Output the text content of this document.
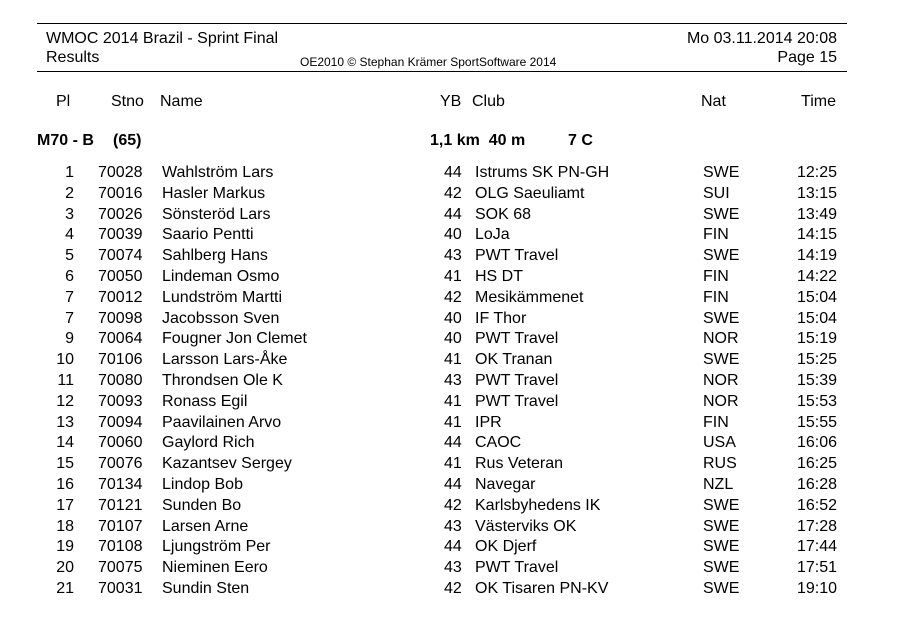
WMOC 2014 Brazil - Sprint Final	Mo 03.11.2014 20:08
Results	OE2010 © Stephan Krämer SportSoftware 2014	Page 15
Pl	Stno Name	YB Club	Nat	Time
M70 - B (65)	1,1 km  40 m	7 C
1 70028 Wahlström Lars	44 Istrums SK PN-GH	SWE	12:25
2 70016 Hasler Markus	42 OLG Saeuliamt	SUI	13:15
3 70026 Sönsteröd Lars	44 SOK 68	SWE	13:49
4 70039 Saario Pentti	40 LoJa	FIN	14:15
5 70074 Sahlberg Hans	43 PWT Travel	SWE	14:19
6 70050 Lindeman Osmo	41 HS DT	FIN	14:22
7 70012 Lundström Martti	42 Mesikämmenet	FIN	15:04
7 70098 Jacobsson Sven	40 IF Thor	SWE	15:04
9 70064 Fougner Jon Clemet	40 PWT Travel	NOR	15:19
10 70106 Larsson Lars-Åke	41 OK Tranan	SWE	15:25
11 70080 Throndsen Ole K	43 PWT Travel	NOR	15:39
12 70093 Ronass Egil	41 PWT Travel	NOR	15:53
13 70094 Paavilainen Arvo	41 IPR	FIN	15:55
14 70060 Gaylord Rich	44 CAOC	USA	16:06
15 70076 Kazantsev Sergey	41 Rus Veteran	RUS	16:25
16 70134 Lindop Bob	44 Navegar	NZL	16:28
17 70121 Sunden Bo	42 Karlsbyhedens IK	SWE	16:52
18 70107 Larsen Arne	43 Västerviks OK	SWE	17:28
19 70108 Ljungström Per	44 OK Djerf	SWE	17:44
20 70075 Nieminen Eero	43 PWT Travel	SWE	17:51
21 70031 Sundin Sten	42 OK Tisaren PN-KV	SWE	19:10
